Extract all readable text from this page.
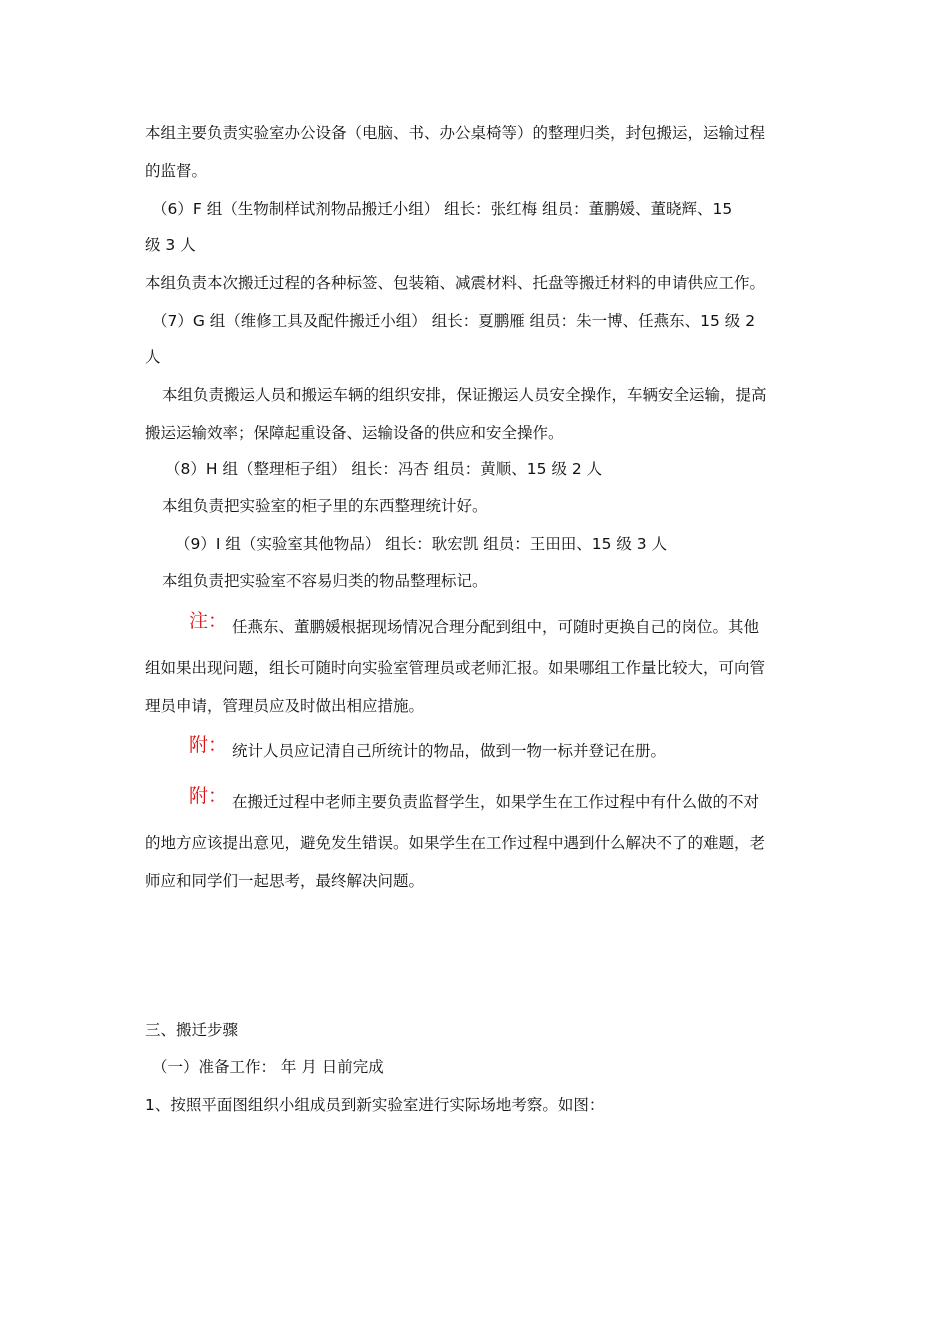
本组主要负责实验室办公设备（电脑、书、办公桌椅等）的整理归类，封包搬运，运输过程
的监督。
（6）F 组（生物制样试剂物品搬迁小组） 组长：张红梅 组员：董鹏媛、董晓辉、15
级 3 人
本组负责本次搬迁过程的各种标签、包装箱、减震材料、托盘等搬迁材料的申请供应工作。
（7）G 组（维修工具及配件搬迁小组） 组长：夏鹏雁 组员：朱一博、任燕东、15 级 2
人
本组负责搬运人员和搬运车辆的组织安排，保证搬运人员安全操作，车辆安全运输，提高
搬运运输效率；保障起重设备、运输设备的供应和安全操作。
（8）H 组（整理柜子组） 组长：冯杏 组员：黄顺、15 级 2 人
本组负责把实验室的柜子里的东西整理统计好。
（9）I 组（实验室其他物品） 组长：耿宏凯 组员：王田田、15 级 3 人
本组负责把实验室不容易归类的物品整理标记。
注： 任燕东、董鹏媛根据现场情况合理分配到组中，可随时更换自己的岗位。其他
组如果出现问题，组长可随时向实验室管理员或老师汇报。如果哪组工作量比较大，可向管
理员申请，管理员应及时做出相应措施。
附： 统计人员应记清自己所统计的物品，做到一物一标并登记在册。
附： 在搬迁过程中老师主要负责监督学生，如果学生在工作过程中有什么做的不对
的地方应该提出意见，避免发生错误。如果学生在工作过程中遇到什么解决不了的难题，老
师应和同学们一起思考，最终解决问题。
三、搬迁步骤
（一）准备工作： 年 月 日前完成
1、按照平面图组织小组成员到新实验室进行实际场地考察。如图：
